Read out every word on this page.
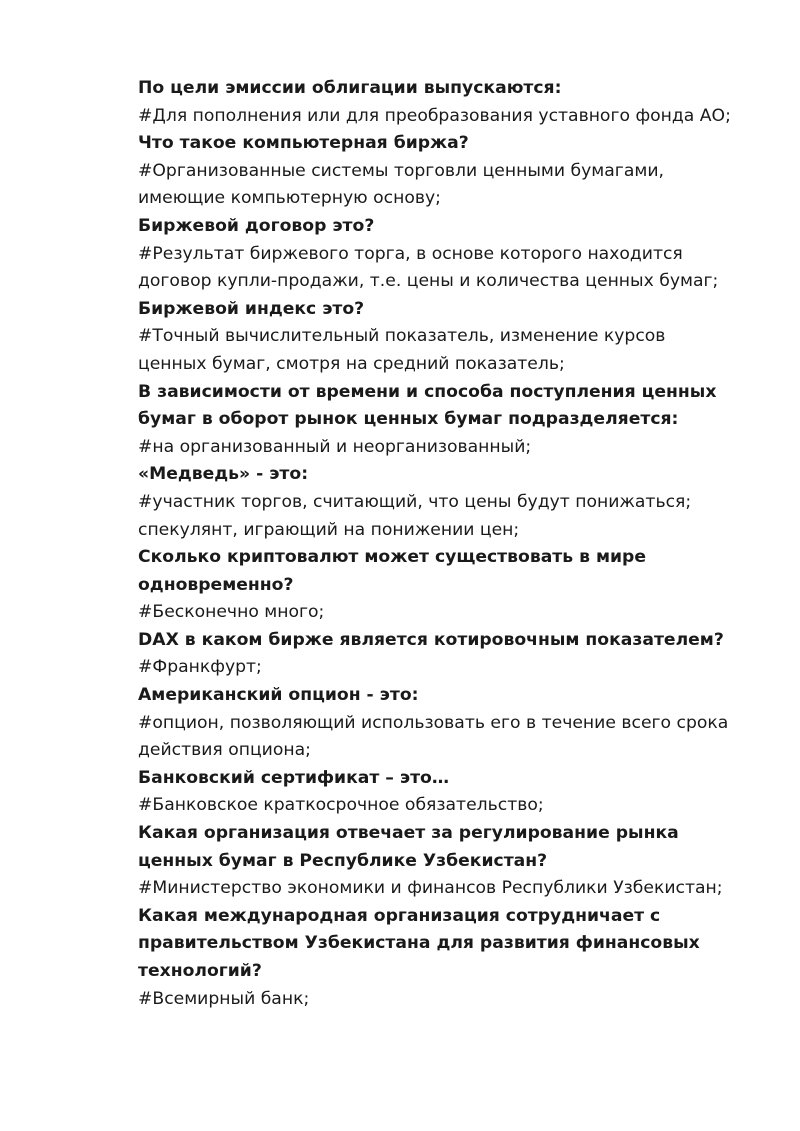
По цели эмиссии облигации выпускаются:

#Для пополнения или для преобразования уставного фонда АО;

Что такое компьютерная биржа?

#Организованные системы торговли ценными бумагами,
имеющие компьютерную основу;

Биржевой договор это?

#Результат биржевого торга, в основе которого находится
договор купли-продажи, т.е. цены и количества ценных бумаг;

Биржевой индекс это?

#Точный вычислительный показатель, изменение курсов
ценных бумаг, смотря на средний показатель;

В зависимости от времени и способа поступления ценных
бумаг в оборот рынок ценных бумаг подразделяется:

#на организованный и неорганизованный;

«Медведь» - это:

#участник торгов, считающий, что цены будут понижаться;
спекулянт, играющий на понижении цен;

Сколько криптовалют может существовать в мире
одновременно?

#Бесконечно много;

DAX в каком бирже является котировочным показателем?

#Франкфурт;

Американский опцион - это:

#опцион, позволяющий использовать его в течение всего срока
действия опциона;

Банковский сертификат – это…

#Банковское краткосрочное обязательство;

Какая организация отвечает за регулирование рынка
ценных бумаг в Республике Узбекистан?

#Министерство экономики и финансов Республики Узбекистан;

Какая международная организация сотрудничает с
правительством Узбекистана для развития финансовых
технологий?

#Всемирный банк;
